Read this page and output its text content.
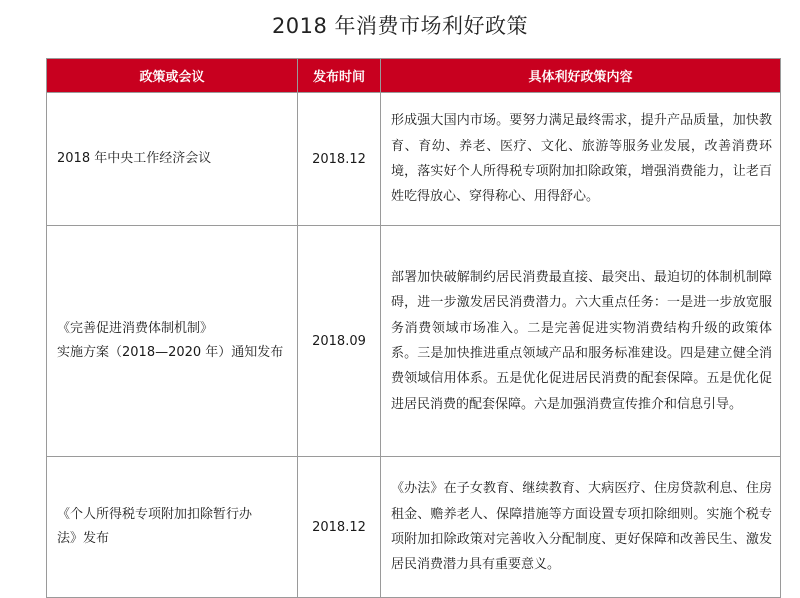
2018 年消费市场利好政策
政策或会议	发布时间	具体利好政策内容

2018 年中央工作经济会议	2018.12	形成强大国内市场。要努力满足最终需求，提升产品质量，加快教育、育幼、养老、医疗、文化、旅游等服务业发展，改善消费环境，落实好个人所得税专项附加扣除政策，增强消费能力，让老百姓吃得放心、穿得称心、用得舒心。

《完善促进消费体制机制》
实施方案（2018—2020 年）通知发布	2018.09	部署加快破解制约居民消费最直接、最突出、最迫切的体制机制障碍，进一步激发居民消费潜力。六大重点任务：一是进一步放宽服务消费领域市场准入。二是完善促进实物消费结构升级的政策体系。三是加快推进重点领域产品和服务标准建设。四是建立健全消费领域信用体系。五是优化促进居民消费的配套保障。五是优化促进居民消费的配套保障。六是加强消费宣传推介和信息引导。

《个人所得税专项附加扣除暂行办
法》发布	2018.12	《办法》在子女教育、继续教育、大病医疗、住房贷款利息、住房租金、赡养老人、保障措施等方面设置专项扣除细则。实施个税专项附加扣除政策对完善收入分配制度、更好保障和改善民生、激发居民消费潜力具有重要意义。
